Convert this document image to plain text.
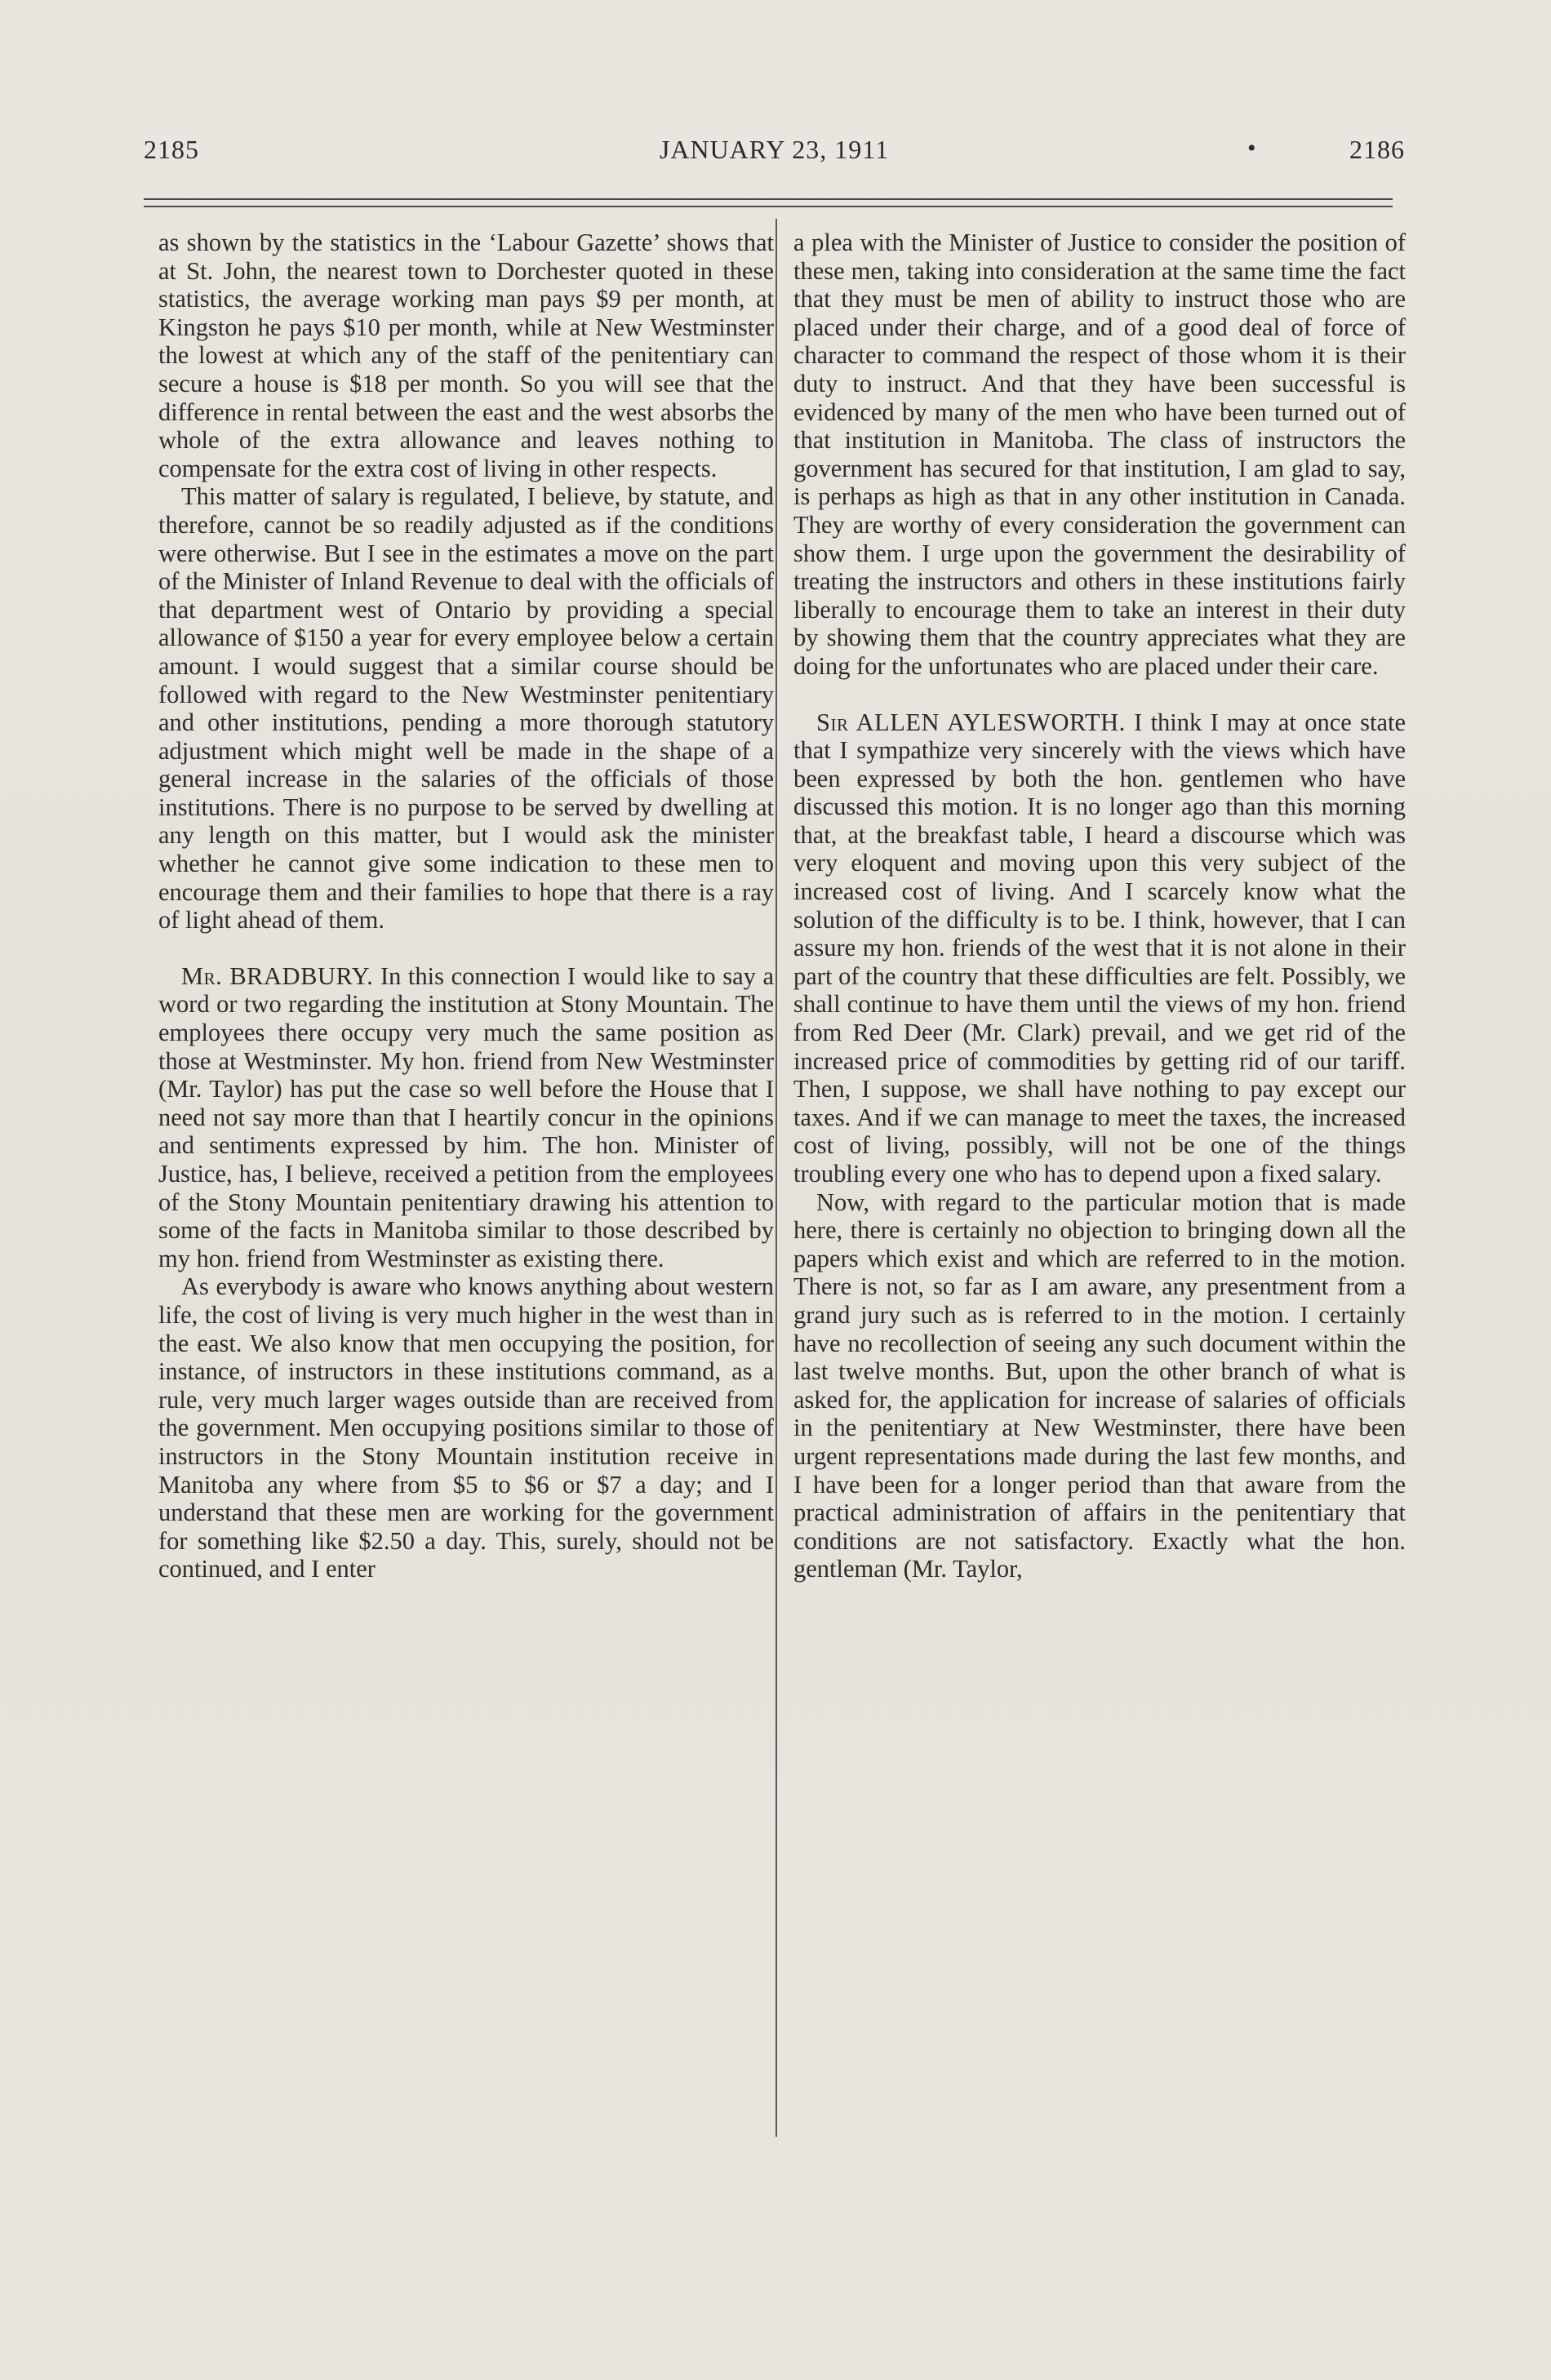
2185	JANUARY 23, 1911	•	2186

as shown by the statistics in the ‘Labour Gazette’ shows that at St. John, the nearest town to Dorchester quoted in these statistics, the average working man pays $9 per month, at Kingston he pays $10 per month, while at New Westminster the lowest at which any of the staff of the penitentiary can secure a house is $18 per month. So you will see that the difference in rental between the east and the west absorbs the whole of the extra allowance and leaves nothing to compensate for the extra cost of living in other respects.

This matter of salary is regulated, I believe, by statute, and therefore, cannot be so readily adjusted as if the conditions were otherwise. But I see in the estimates a move on the part of the Minister of Inland Revenue to deal with the officials of that department west of Ontario by providing a special allowance of $150 a year for every employee below a certain amount. I would suggest that a similar course should be followed with regard to the New Westminster penitentiary and other institutions, pending a more thorough statutory adjustment which might well be made in the shape of a general increase in the salaries of the officials of those institutions. There is no purpose to be served by dwelling at any length on this matter, but I would ask the minister whether he cannot give some indication to these men to encourage them and their families to hope that there is a ray of light ahead of them.

Mr. BRADBURY. In this connection I would like to say a word or two regarding the institution at Stony Mountain. The employees there occupy very much the same position as those at Westminster. My hon. friend from New Westminster (Mr. Taylor) has put the case so well before the House that I need not say more than that I heartily concur in the opinions and sentiments expressed by him. The hon. Minister of Justice, has, I believe, received a petition from the employees of the Stony Mountain penitentiary drawing his attention to some of the facts in Manitoba similar to those described by my hon. friend from Westminster as existing there.

As everybody is aware who knows anything about western life, the cost of living is very much higher in the west than in the east. We also know that men occupying the position, for instance, of instructors in these institutions command, as a rule, very much larger wages outside than are received from the government. Men occupying positions similar to those of instructors in the Stony Mountain institution receive in Manitoba any where from $5 to $6 or $7 a day; and I understand that these men are working for the government for something like $2.50 a day. This, surely, should not be continued, and I enter

a plea with the Minister of Justice to consider the position of these men, taking into consideration at the same time the fact that they must be men of ability to instruct those who are placed under their charge, and of a good deal of force of character to command the respect of those whom it is their duty to instruct. And that they have been successful is evidenced by many of the men who have been turned out of that institution in Manitoba. The class of instructors the government has secured for that institution, I am glad to say, is perhaps as high as that in any other institution in Canada. They are worthy of every consideration the government can show them. I urge upon the government the desirability of treating the instructors and others in these institutions fairly liberally to encourage them to take an interest in their duty by showing them that the country appreciates what they are doing for the unfortunates who are placed under their care.

Sir ALLEN AYLESWORTH. I think I may at once state that I sympathize very sincerely with the views which have been expressed by both the hon. gentlemen who have discussed this motion. It is no longer ago than this morning that, at the breakfast table, I heard a discourse which was very eloquent and moving upon this very subject of the increased cost of living. And I scarcely know what the solution of the difficulty is to be. I think, however, that I can assure my hon. friends of the west that it is not alone in their part of the country that these difficulties are felt. Possibly, we shall continue to have them until the views of my hon. friend from Red Deer (Mr. Clark) prevail, and we get rid of the increased price of commodities by getting rid of our tariff. Then, I suppose, we shall have nothing to pay except our taxes. And if we can manage to meet the taxes, the increased cost of living, possibly, will not be one of the things troubling every one who has to depend upon a fixed salary.

Now, with regard to the particular motion that is made here, there is certainly no objection to bringing down all the papers which exist and which are referred to in the motion. There is not, so far as I am aware, any presentment from a grand jury such as is referred to in the motion. I certainly have no recollection of seeing any such document within the last twelve months. But, upon the other branch of what is asked for, the application for increase of salaries of officials in the penitentiary at New Westminster, there have been urgent representations made during the last few months, and I have been for a longer period than that aware from the practical administration of affairs in the penitentiary that conditions are not satisfactory. Exactly what the hon. gentleman (Mr. Taylor,
